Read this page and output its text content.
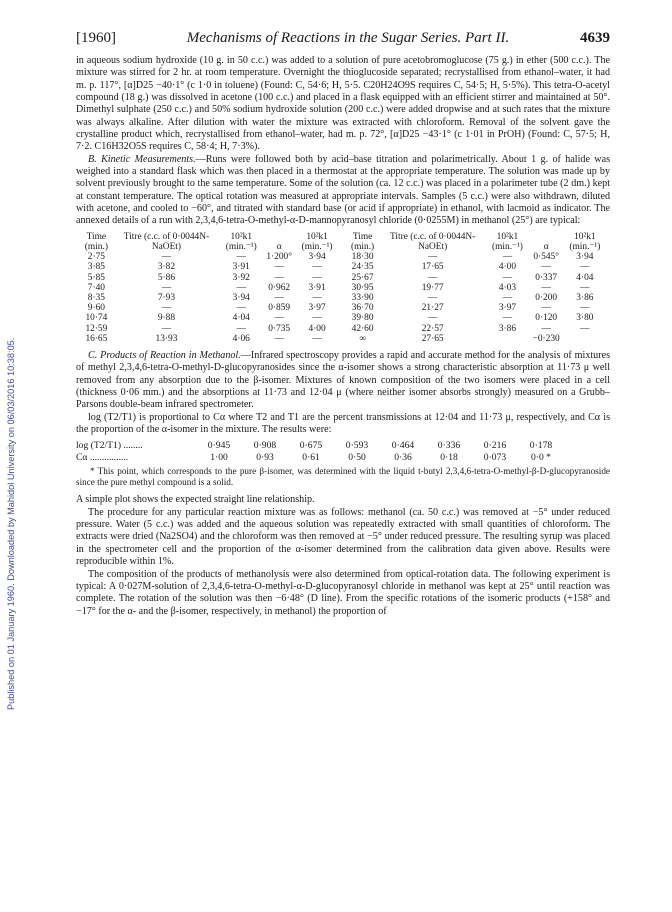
Published on 01 January 1960. Downloaded by Mahidol University on 06/03/2016 10:38:05.
[1960]	Mechanisms of Reactions in the Sugar Series. Part II.	4639

in aqueous sodium hydroxide (10 g. in 50 c.c.) was added to a solution of pure acetobromoglucose (75 g.) in ether (500 c.c.). The mixture was stirred for 2 hr. at room temperature. Overnight the thioglucoside separated; recrystallised from ethanol–water, it had m. p. 117°, [α]D25 −40·1° (c 1·0 in toluene) (Found: C, 54·6; H, 5·5. C20H24O9S requires C, 54·5; H, 5·5%). This tetra-O-acetyl compound (18 g.) was dissolved in acetone (100 c.c.) and placed in a flask equipped with an efficient stirrer and maintained at 50°. Dimethyl sulphate (250 c.c.) and 50% sodium hydroxide solution (200 c.c.) were added dropwise and at such rates that the mixture was always alkaline. After dilution with water the mixture was extracted with chloroform. Removal of the solvent gave the crystalline product which, recrystallised from ethanol–water, had m. p. 72°, [α]D25 −43·1° (c 1·01 in PrOH) (Found: C, 57·5; H, 7·2. C16H32O5S requires C, 58·4; H, 7·3%).

B. Kinetic Measurements.—Runs were followed both by acid–base titration and polarimetrically. About 1 g. of halide was weighed into a standard flask which was then placed in a thermostat at the appropriate temperature. The solution was made up by solvent previously brought to the same temperature. Some of the solution (ca. 12 c.c.) was placed in a polarimeter tube (2 dm.) kept at constant temperature. The optical rotation was measured at appropriate intervals. Samples (5 c.c.) were also withdrawn, diluted with acetone, and cooled to −60°, and titrated with standard base (or acid if appropriate) in ethanol, with lacmoid as indicator. The annexed details of a run with 2,3,4,6-tetra-O-methyl-α-D-mannopyranosyl chloride (0·0255M) in methanol (25°) are typical:

Time (min.)	Titre (c.c. of 0·0044N-NaOEt)	10²k1 (min.⁻¹)	α	10²k1 (min.⁻¹)	Time (min.)	Titre (c.c. of 0·0044N-NaOEt)	10²k1 (min.⁻¹)	α	10²k1 (min.⁻¹)
2·75	—	—	1·200°	3·94	18·30	—	—	0·545°	3·94
3·85	3·82	3·91	—	—	24·35	17·65	4·00	—	—
5·85	5·86	3·92	—	—	25·67	—	—	0·337	4·04
7·40	—	—	0·962	3·91	30·95	19·77	4·03	—	—
8·35	7·93	3·94	—	—	33·90	—	—	0·200	3·86
9·60	—	—	0·859	3·97	36·70	21·27	3·97	—	—
10·74	9·88	4·04	—	—	39·80	—	—	0·120	3·80
12·59	—	—	0·735	4·00	42·60	22·57	3·86	—	—
16·65	13·93	4·06	—	—	∞	27·65		−0·230	

C. Products of Reaction in Methanol.—Infrared spectroscopy provides a rapid and accurate method for the analysis of mixtures of methyl 2,3,4,6-tetra-O-methyl-D-glucopyranosides since the α-isomer shows a strong characteristic absorption at 11·73 μ well removed from any absorption due to the β-isomer. Mixtures of known composition of the two isomers were placed in a cell (thickness 0·06 mm.) and the absorptions at 11·73 and 12·04 μ (where neither isomer absorbs strongly) measured on a Grubb–Parsons double-beam infrared spectrometer.

log (T2/T1) is proportional to Cα where T2 and T1 are the percent transmissions at 12·04 and 11·73 μ, respectively, and Cα is the proportion of the α-isomer in the mixture. The results were:

log (T2/T1) ........	0·945	0·908	0·675	0·593	0·464	0·336	0·216	0·178
Cα ................	1·00	0·93	0·61	0·50	0·36	0·18	0·073	0·0 *

* This point, which corresponds to the pure β-isomer, was determined with the liquid t-butyl 2,3,4,6-tetra-O-methyl-β-D-glucopyranoside since the pure methyl compound is a solid.

A simple plot shows the expected straight line relationship.

The procedure for any particular reaction mixture was as follows: methanol (ca. 50 c.c.) was removed at −5° under reduced pressure. Water (5 c.c.) was added and the aqueous solution was repeatedly extracted with small quantities of chloroform. The extracts were dried (Na2SO4) and the chloroform was then removed at −5° under reduced pressure. The resulting syrup was placed in the spectrometer cell and the proportion of the α-isomer determined from the calibration data given above. Results were reproducible within 1%.

The composition of the products of methanolysis were also determined from optical-rotation data. The following experiment is typical: A 0·027M-solution of 2,3,4,6-tetra-O-methyl-α-D-glucopyranosyl chloride in methanol was kept at 25° until reaction was complete. The rotation of the solution was then −6·48° (D line). From the specific rotations of the isomeric products (+158° and −17° for the α- and the β-isomer, respectively, in methanol) the proportion of
